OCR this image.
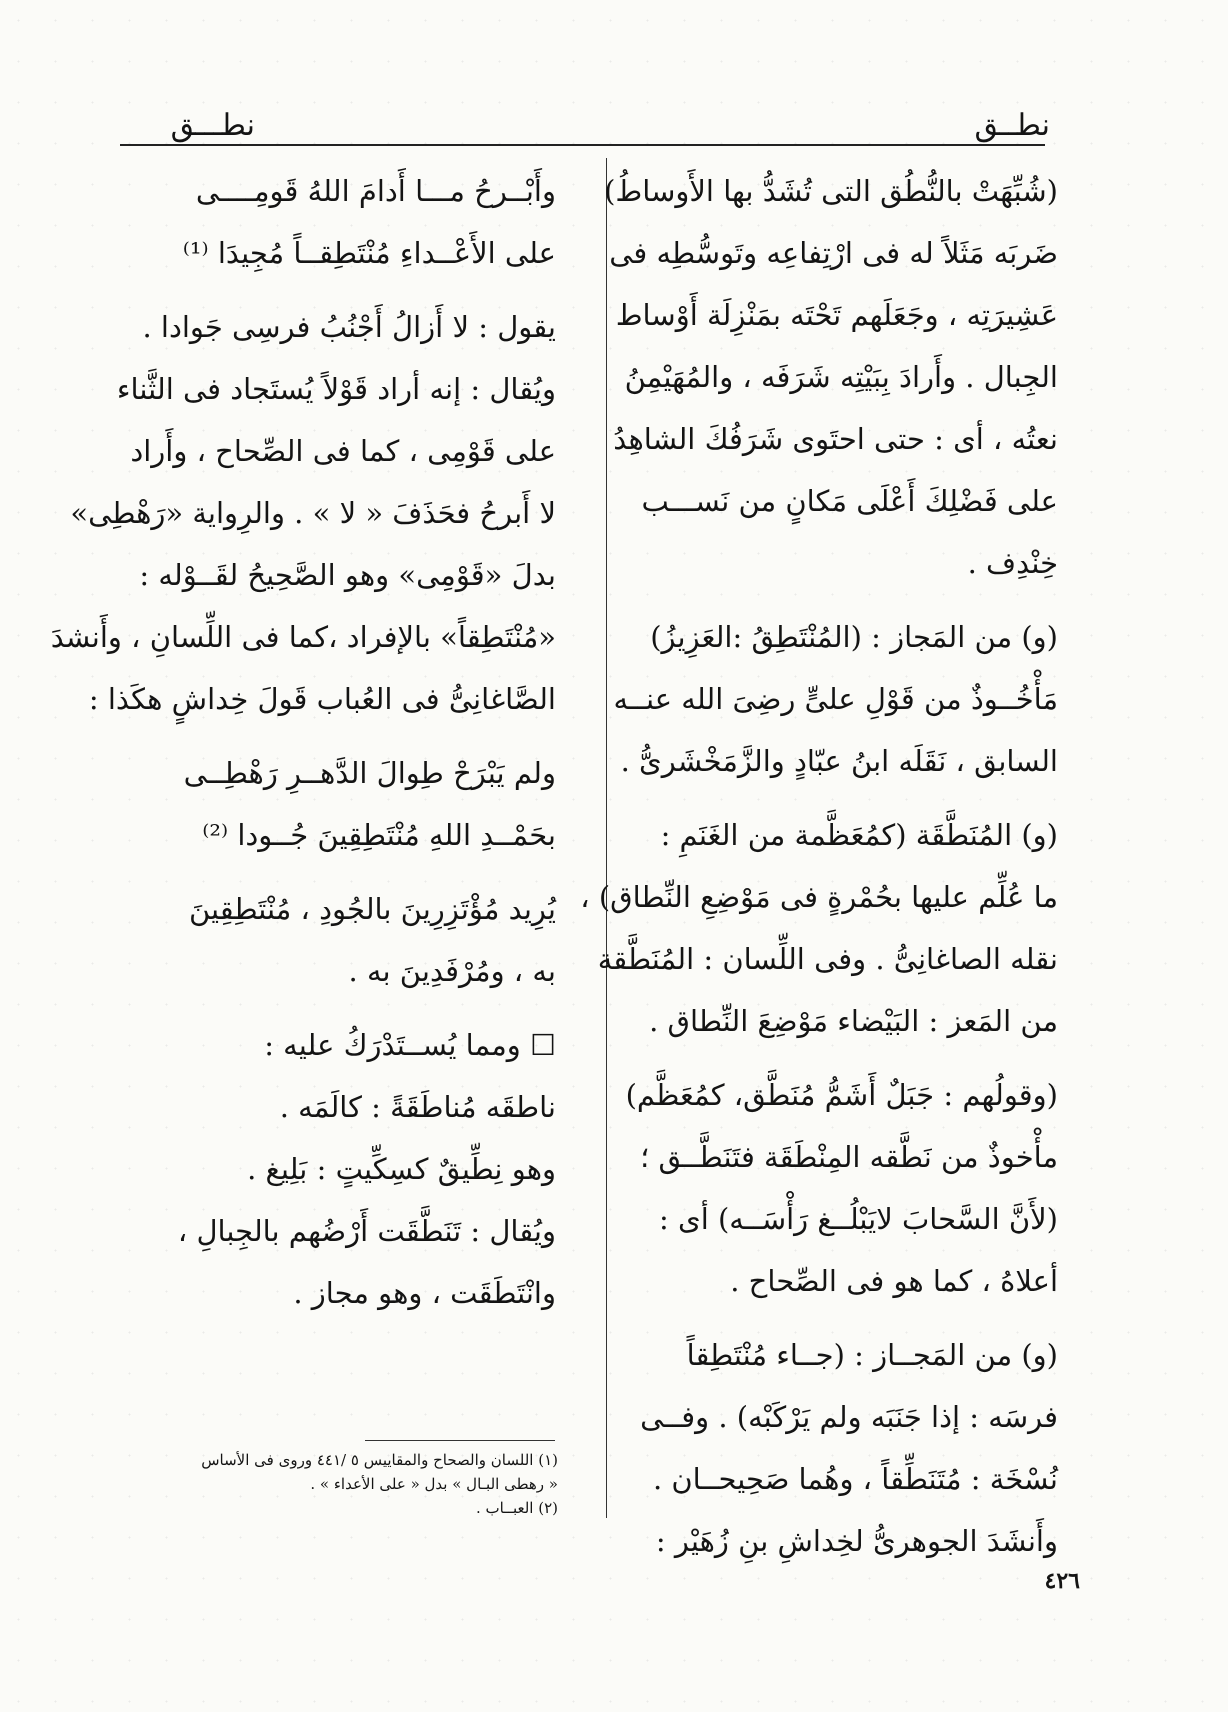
نطــق
نطـــق

(شُبِّهَتْ بالنُّطُق التى تُشَدُّ بها الأَوساطُ)
ضَربَه مَثَلاً له فى ارْتِفاعِه وتَوسُّطِه فى
عَشِيرَتِه ، وجَعَلَهم تَحْتَه بمَنْزِلَة أَوْساط
الجِبال . وأَرادَ بِبَيْتِه شَرَفَه ، والمُهَيْمِنُ
نعتُه ، أى : حتى احتَوى شَرَفُكَ الشاهِدُ
على فَضْلِكَ أَعْلَى مَكانٍ من نَســـب
خِنْدِف .

(و) من المَجاز : (المُنْتَطِقُ :العَزِيزُ)
مَأْخُــوذٌ من قَوْلِ علىٍّ رضِىَ الله عنــه
السابق ، نَقَلَه ابنُ عبّادٍ والزَّمَخْشَرىُّ .

(و) المُنَطَّقَة (كمُعَظَّمة من الغَنَمِ :
ما عُلِّم عليها بحُمْرةٍ فى مَوْضِعِ النِّطاق) ،
نقله الصاغانِىُّ . وفى اللِّسان : المُنَطَّقة
من المَعز : البَيْضاء مَوْضِعَ النِّطاق .

(وقولُهم : جَبَلٌ أَشَمُّ مُنَطَّق، كمُعَظَّم)
مأْخوذٌ من نَطَّقه المِنْطَقَة فتَنَطَّــق ؛
(لأَنَّ السَّحابَ لايَبْلُــغ رَأْسَــه) أى :
أعلاهُ ، كما هو فى الصِّحاح .

(و) من المَجــاز : (جــاء مُنْتَطِقاً
فرسَه : إذا جَنَبَه ولم يَرْكَبْه) . وفــى
نُسْخَة : مُتَنَطِّقاً ، وهُما صَحِيحــان .
وأَنشَدَ الجوهرىُّ لخِداشِ بنِ زُهَيْر :

وأَبْــرحُ مـــا أَدامَ اللهُ قَومِــــى
على الأَعْــداءِ مُنْتَطِقــاً مُجِيدَا ⁽¹⁾

يقول : لا أَزالُ أَجْنُبُ فرسِى جَوادا .
ويُقال : إنه أراد قَوْلاً يُستَجاد فى الثَّناء
على قَوْمِى ، كما فى الصِّحاح ، وأَراد
لا أَبرحُ فحَذَفَ « لا » . والرِواية «رَهْطِى»
بدلَ «قَوْمِى» وهو الصَّحِيحُ لقَــوْله :
«مُنْتَطِقاً» بالإفراد ،كما فى اللِّسانِ ، وأَنشدَ
الصَّاغانِىُّ فى العُباب قَولَ خِداشٍ هكَذا :

ولم يَبْرَحْ طِوالَ الدَّهــرِ رَهْطِــى
بحَمْــدِ اللهِ مُنْتَطِقِينَ جُــودا ⁽²⁾

يُرِيد مُؤْتَزِرِينَ بالجُودِ ، مُنْتَطِقِينَ
به ، ومُرْفَدِينَ به .

☐ ومما يُســتَدْرَكُ عليه :
ناطقَه مُناطَقَةً : كالَمَه .
وهو نِطِّيقٌ كسِكِّيتٍ : بَلِيغ .
ويُقال : تَنَطَّقَت أَرْضُهم بالجِبالِ ،
وانْتَطَقَت ، وهو مجاز .

(١) اللسان والصحاح والمقاييس ٥ /٤٤١ وروى فى الأساس
« رهطى البـال » بدل « على الأعداء » .
(٢) العبــاب .
٤٢٦
